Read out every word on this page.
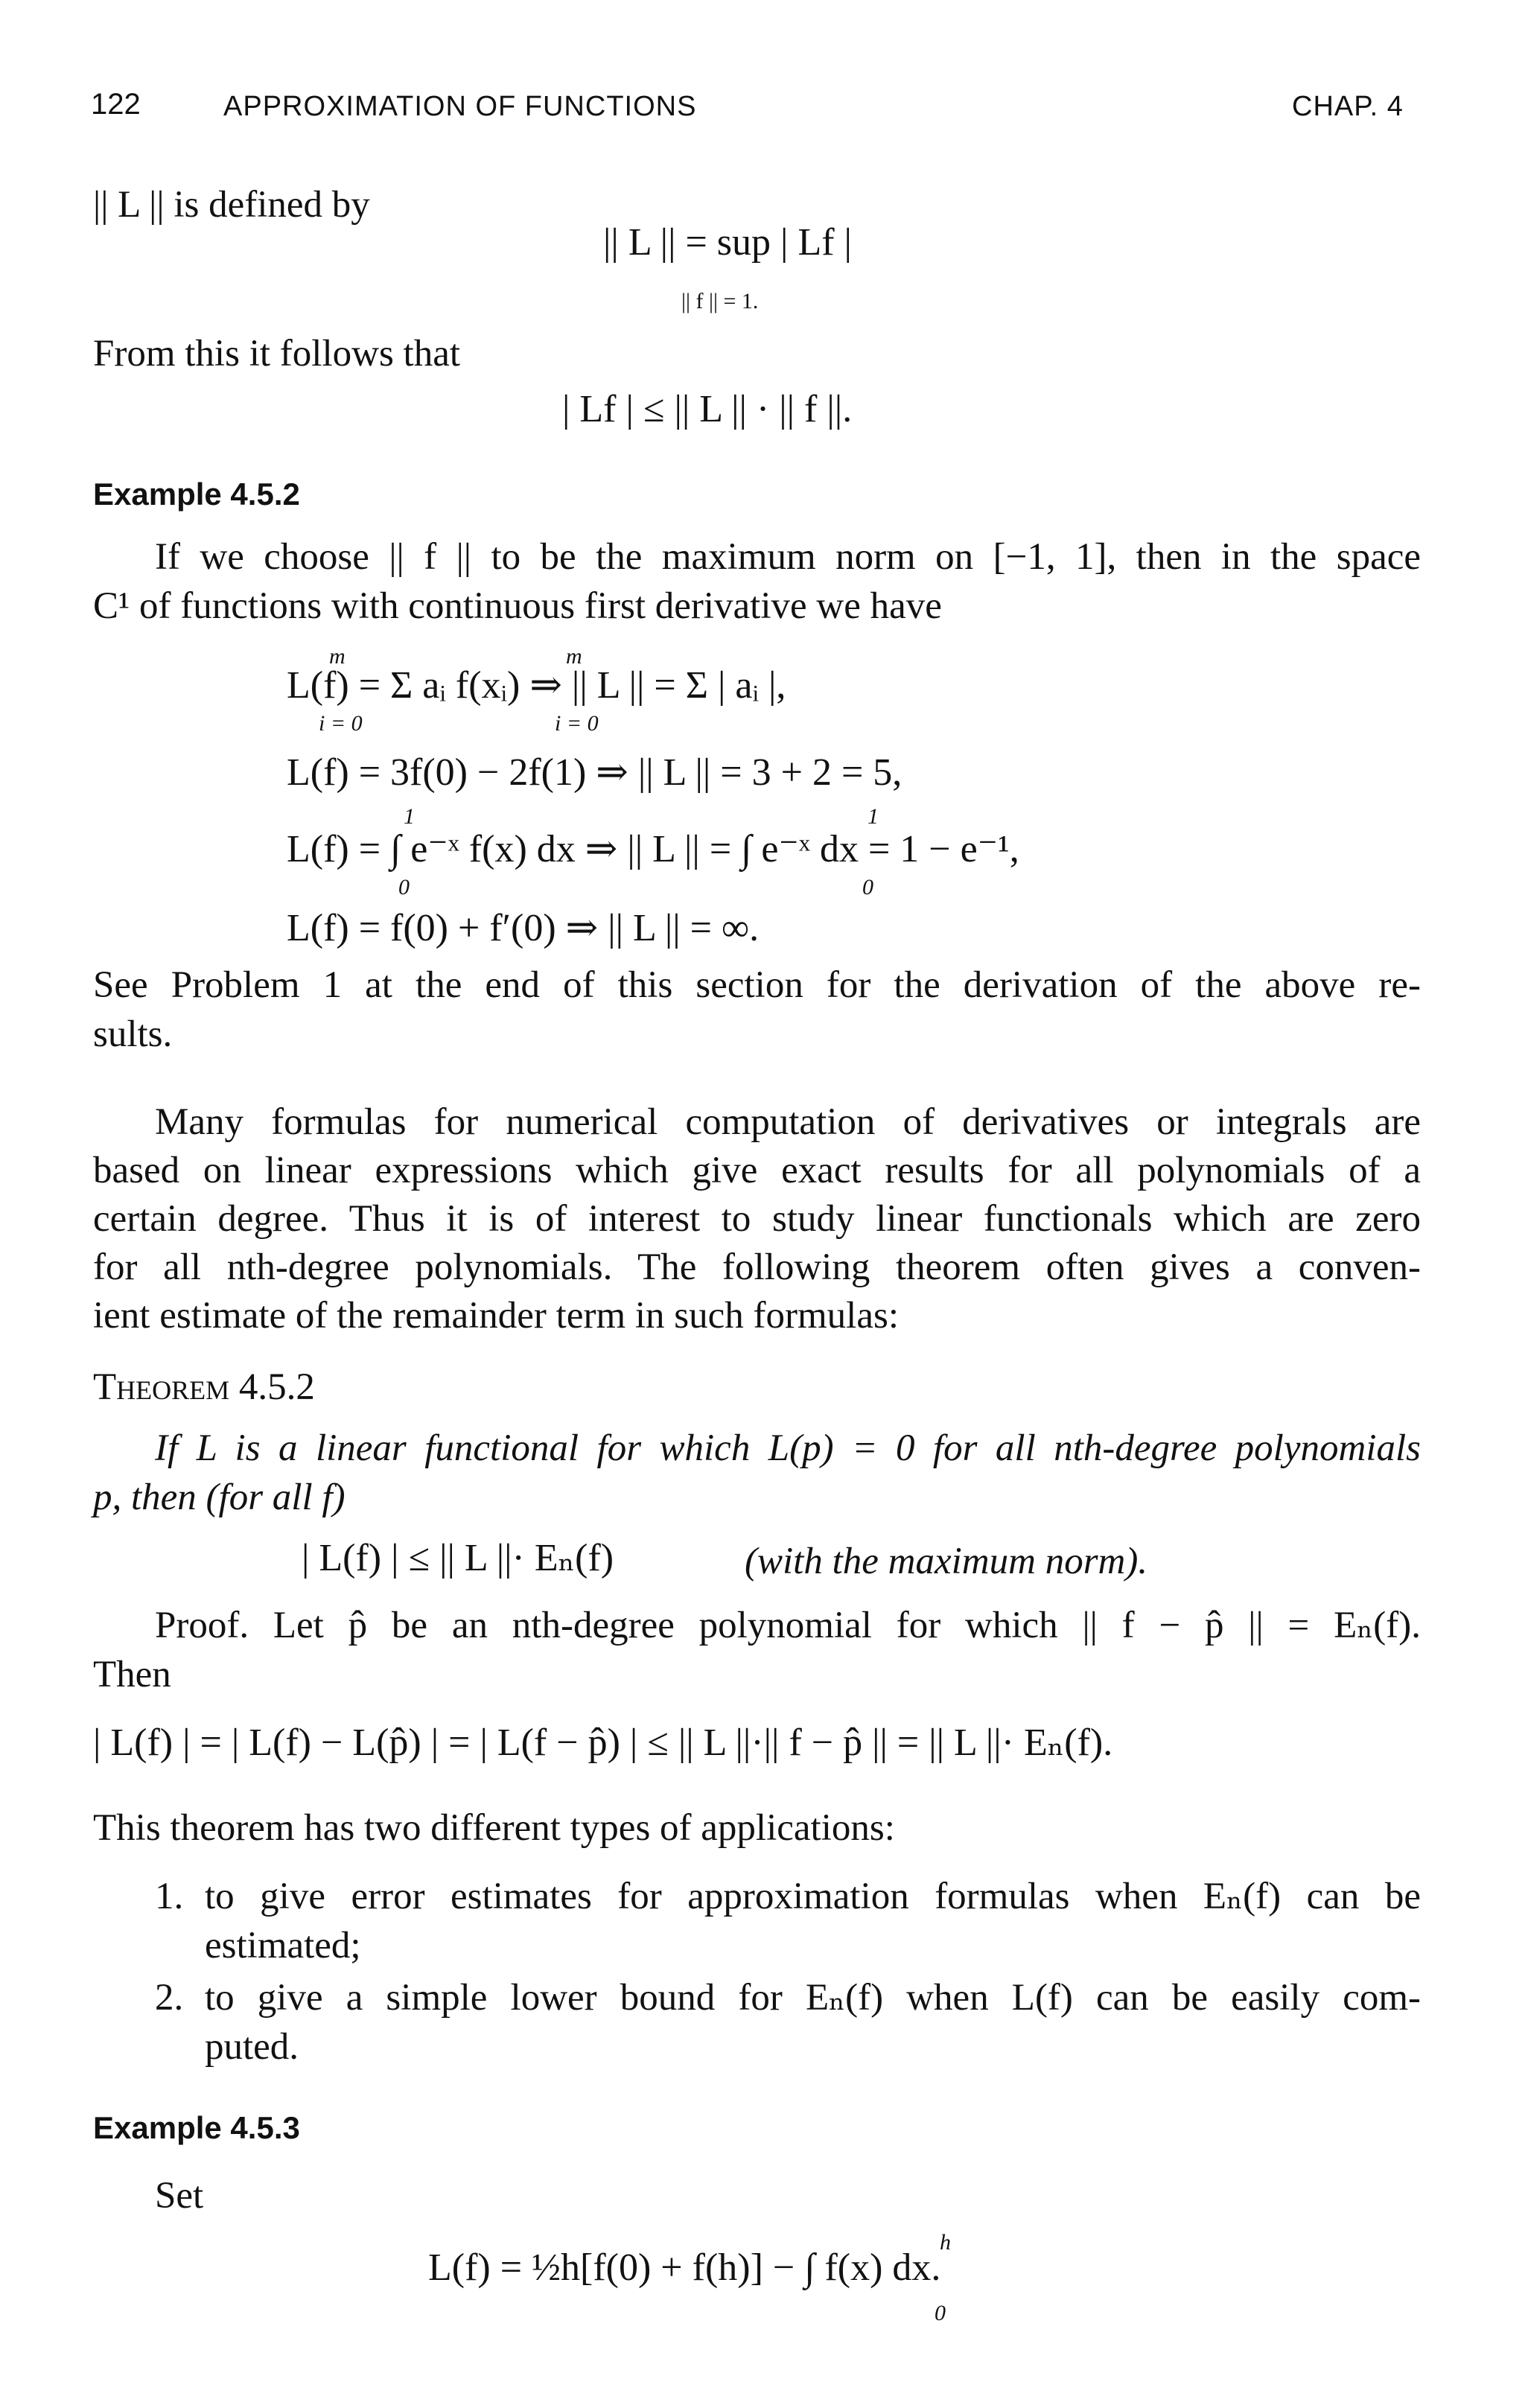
122	APPROXIMATION OF FUNCTIONS	CHAP. 4
|| L || is defined by
|| L || = sup | Lf |
|| f || = 1.
From this it follows that
| Lf | ≤ || L || · || f ||.
Example 4.5.2
If we choose || f || to be the maximum norm on [−1, 1], then in the space
C¹ of functions with continuous first derivative we have
m	m
L(f) = Σ aᵢ f(xᵢ) ⇒ || L || = Σ | aᵢ |,
i = 0	i = 0
L(f) = 3f(0) − 2f(1) ⇒ || L || = 3 + 2 = 5,
1	1
L(f) = ∫ e⁻ˣ f(x) dx ⇒ || L || = ∫ e⁻ˣ dx = 1 − e⁻¹,
0	0
L(f) = f(0) + f′(0) ⇒ || L || = ∞.
See Problem 1 at the end of this section for the derivation of the above re-
sults.
Many formulas for numerical computation of derivatives or integrals are
based on linear expressions which give exact results for all polynomials of a
certain degree. Thus it is of interest to study linear functionals which are zero
for all nth-degree polynomials. The following theorem often gives a conven-
ient estimate of the remainder term in such formulas:
Theorem 4.5.2
If L is a linear functional for which L(p) = 0 for all nth-degree polynomials
p, then (for all f)
| L(f) | ≤ || L ||· Eₙ(f)	(with the maximum norm).
Proof. Let p̂ be an nth-degree polynomial for which || f − p̂ || = Eₙ(f).
Then
| L(f) | = | L(f) − L(p̂) | = | L(f − p̂) | ≤ || L ||·|| f − p̂ || = || L ||· Eₙ(f).
This theorem has two different types of applications:
1. to give error estimates for approximation formulas when Eₙ(f) can be
estimated;
2. to give a simple lower bound for Eₙ(f) when L(f) can be easily com-
puted.
Example 4.5.3
Set
h
L(f) = ½h[f(0) + f(h)] − ∫ f(x) dx.
0
